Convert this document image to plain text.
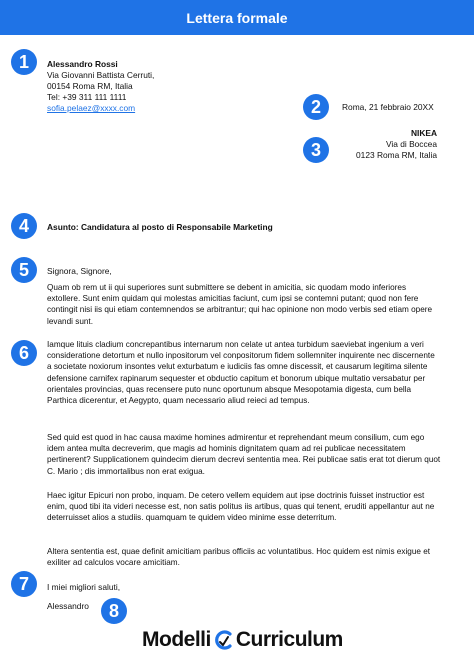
Lettera formale
1
2
3
4
5
6
7
8
Alessandro Rossi
Via Giovanni Battista Cerruti,
00154 Roma RM, Italia
Tel: +39 311 111 1111
sofia.pelaez@xxxx.com	Roma, 21 febbraio 20XX
NIKEA
Via di Boccea
0123 Roma RM, Italia
Asunto: Candidatura al posto di Responsabile Marketing
Signora, Signore,
Quam ob rem ut ii qui superiores sunt submittere se debent in amicitia, sic quodam modo inferiores extollere. Sunt enim quidam qui molestas amicitias faciunt, cum ipsi se contemni putant; quod non fere contingit nisi iis qui etiam contemnendos se arbitrantur; qui hac opinione non modo verbis sed etiam opere levandi sunt.
Iamque lituis cladium concrepantibus internarum non celate ut antea turbidum saeviebat ingenium a veri consideratione detortum et nullo inpositorum vel conpositorum fidem sollemniter inquirente nec discernente a societate noxiorum insontes velut exturbatum e iudiciis fas omne discessit, et causarum legitima silente defensione carnifex rapinarum sequester et obductio capitum et bonorum ubique multatio versabatur per orientales provincias, quas recensere puto nunc oportunum absque Mesopotamia digesta, cum bella Parthica dicerentur, et Aegypto, quam necessario aliud reieci ad tempus.
Sed quid est quod in hac causa maxime homines admirentur et reprehendant meum consilium, cum ego idem antea multa decreverim, que magis ad hominis dignitatem quam ad rei publicae necessitatem pertinerent? Supplicationem quindecim dierum decrevi sententia mea. Rei publicae satis erat tot dierum quot C. Mario ; dis immortalibus non erat exigua.
Haec igitur Epicuri non probo, inquam. De cetero vellem equidem aut ipse doctrinis fuisset instructior est enim, quod tibi ita videri necesse est, non satis politus iis artibus, quas qui tenent, eruditi appellantur aut ne deterruisset alios a studiis. quamquam te quidem video minime esse deterritum.
Altera sententia est, quae definit amicitiam paribus officiis ac voluntatibus. Hoc quidem est nimis exigue et exiliter ad calculos vocare amicitiam.
I miei migliori saluti,
Alessandro
Modelli Curriculum
